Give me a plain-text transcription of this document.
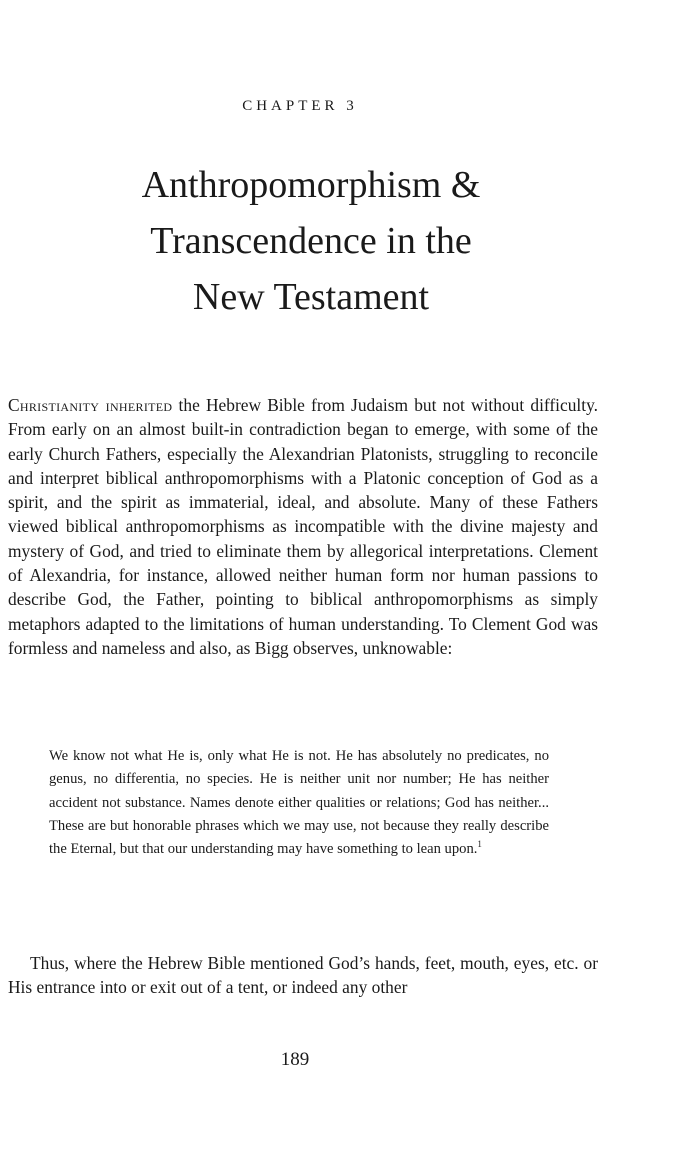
CHAPTER 3
Anthropomorphism &
Transcendence in the
New Testament

Christianity inherited the Hebrew Bible from Judaism but not without difficulty. From early on an almost built-in contradiction began to emerge, with some of the early Church Fathers, especially the Alexandrian Platonists, struggling to reconcile and interpret biblical anthropomorphisms with a Platonic conception of God as a spirit, and the spirit as immaterial, ideal, and absolute. Many of these Fathers viewed biblical anthropomorphisms as incompatible with the divine majesty and mystery of God, and tried to eliminate them by allegorical interpretations. Clement of Alexandria, for instance, allowed neither human form nor human passions to describe God, the Father, pointing to biblical anthropomorphisms as simply metaphors adapted to the limitations of human understanding. To Clement God was formless and nameless and also, as Bigg observes, unknowable:

We know not what He is, only what He is not. He has absolutely no predicates, no genus, no differentia, no species. He is neither unit nor number; He has neither accident not substance. Names denote either qualities or relations; God has neither... These are but honorable phrases which we may use, not because they really describe the Eternal, but that our understanding may have something to lean upon.$^1$

Thus, where the Hebrew Bible mentioned God’s hands, feet, mouth, eyes, etc. or His entrance into or exit out of a tent, or indeed any other

189
